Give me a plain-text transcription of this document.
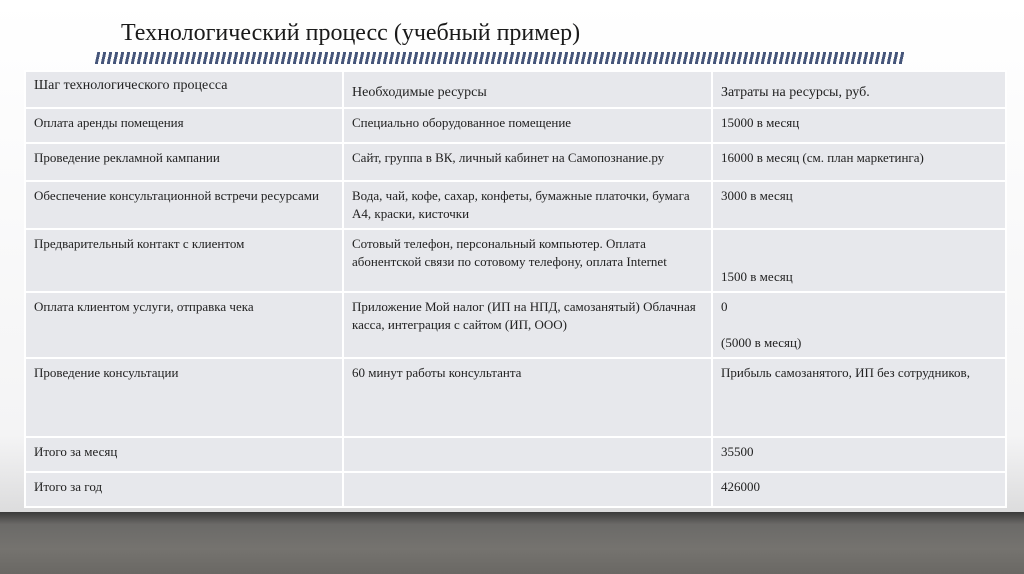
Технологический процесс (учебный пример)
Шаг технологического процесса	Необходимые ресурсы	Затраты на ресурсы, руб.
Оплата аренды помещения	Специально оборудованное помещение	15000 в месяц
Проведение рекламной кампании	Сайт, группа в ВК, личный кабинет на Самопознание.ру	16000 в месяц (см. план маркетинга)
Обеспечение консультационной встречи ресурсами	Вода, чай, кофе, сахар, конфеты, бумажные платочки, бумага А4, краски, кисточки	3000 в месяц
Предварительный контакт с клиентом	Сотовый телефон, персональный компьютер. Оплата абонентской связи по сотовому телефону, оплата Internet	1500 в месяц
Оплата клиентом услуги, отправка чека	Приложение Мой налог (ИП на НПД, самозанятый) Облачная касса, интеграция с сайтом (ИП, ООО)	0

(5000 в месяц)
Проведение консультации	60 минут работы консультанта	Прибыль самозанятого, ИП без сотрудников,
Итого за месяц		35500
Итого за год		426000
